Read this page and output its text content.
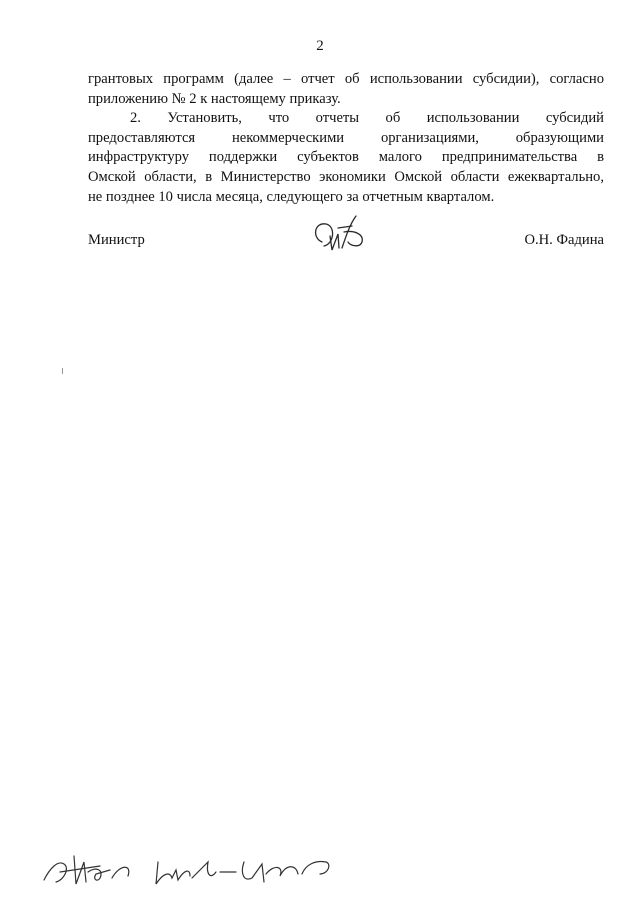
2
грантовых программ (далее – отчет об использовании субсидии), согласно
приложению № 2 к настоящему приказу.
2. Установить, что отчеты об использовании субсидий
предоставляются некоммерческими организациями, образующими
инфраструктуру поддержки субъектов малого предпринимательства в
Омской области, в Министерство экономики Омской области ежеквартально,
не позднее 10 числа месяца, следующего за отчетным кварталом.
Министр	О.Н. Фадина
